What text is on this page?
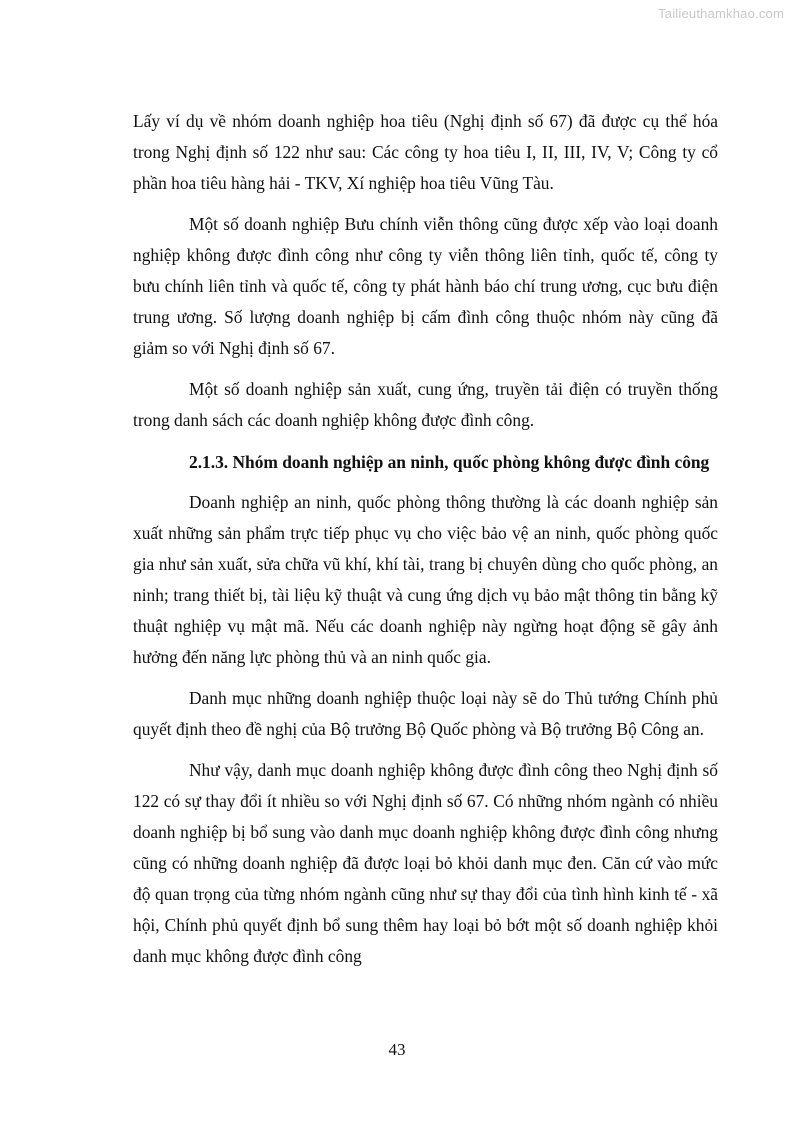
Tailieuthamkhao.com

Lấy ví dụ về nhóm doanh nghiệp hoa tiêu (Nghị định số 67) đã được cụ thể hóa trong Nghị định số 122 như sau: Các công ty hoa tiêu I, II, III, IV, V; Công ty cổ phần hoa tiêu hàng hải - TKV, Xí nghiệp hoa tiêu Vũng Tàu.

Một số doanh nghiệp Bưu chính viễn thông cũng được xếp vào loại doanh nghiệp không được đình công như công ty viễn thông liên tỉnh, quốc tế, công ty bưu chính liên tỉnh và quốc tế, công ty phát hành báo chí trung ương, cục bưu điện trung ương. Số lượng doanh nghiệp bị cấm đình công thuộc nhóm này cũng đã giảm so với Nghị định số 67.

Một số doanh nghiệp sản xuất, cung ứng, truyền tải điện có truyền thống trong danh sách các doanh nghiệp không được đình công.

2.1.3. Nhóm doanh nghiệp an ninh, quốc phòng không được đình công

Doanh nghiệp an ninh, quốc phòng thông thường là các doanh nghiệp sản xuất những sản phẩm trực tiếp phục vụ cho việc bảo vệ an ninh, quốc phòng quốc gia như sản xuất, sửa chữa vũ khí, khí tài, trang bị chuyên dùng cho quốc phòng, an ninh; trang thiết bị, tài liệu kỹ thuật và cung ứng dịch vụ bảo mật thông tin bằng kỹ thuật nghiệp vụ mật mã. Nếu các doanh nghiệp này ngừng hoạt động sẽ gây ảnh hưởng đến năng lực phòng thủ và an ninh quốc gia.

Danh mục những doanh nghiệp thuộc loại này sẽ do Thủ tướng Chính phủ quyết định theo đề nghị của Bộ trưởng Bộ Quốc phòng và Bộ trưởng Bộ Công an.

Như vậy, danh mục doanh nghiệp không được đình công theo Nghị định số 122 có sự thay đổi ít nhiều so với Nghị định số 67. Có những nhóm ngành có nhiều doanh nghiệp bị bổ sung vào danh mục doanh nghiệp không được đình công nhưng cũng có những doanh nghiệp đã được loại bỏ khỏi danh mục đen. Căn cứ vào mức độ quan trọng của từng nhóm ngành cũng như sự thay đổi của tình hình kinh tế - xã hội, Chính phủ quyết định bổ sung thêm hay loại bỏ bớt một số doanh nghiệp khỏi danh mục không được đình công

43
